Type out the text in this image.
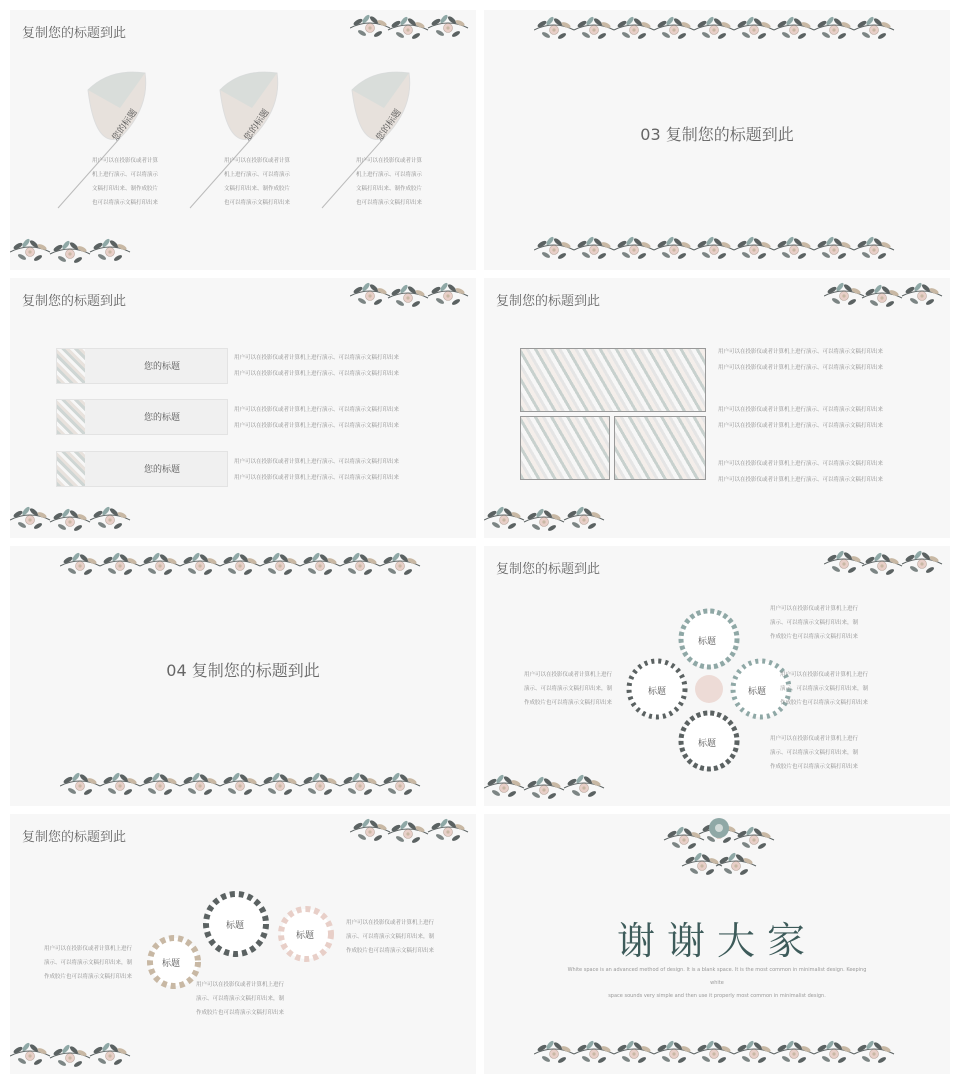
复制您的标题到此
您的标题	您的标题	您的标题
用户可以在投影仪或者计算
机上进行演示、可以将演示
文稿打印出来、制作成胶片
也可以将演示文稿打印出来
用户可以在投影仪或者计算
机上进行演示、可以将演示
文稿打印出来、制作成胶片
也可以将演示文稿打印出来
用户可以在投影仪或者计算
机上进行演示、可以将演示
文稿打印出来、制作成胶片
也可以将演示文稿打印出来
03 复制您的标题到此
复制您的标题到此
您的标题
您的标题
您的标题
用户可以在投影仪或者计算机上进行演示、可以将演示文稿打印出来
用户可以在投影仪或者计算机上进行演示、可以将演示文稿打印出来
用户可以在投影仪或者计算机上进行演示、可以将演示文稿打印出来
用户可以在投影仪或者计算机上进行演示、可以将演示文稿打印出来
用户可以在投影仪或者计算机上进行演示、可以将演示文稿打印出来
用户可以在投影仪或者计算机上进行演示、可以将演示文稿打印出来
复制您的标题到此
用户可以在投影仪或者计算机上进行演示、可以将演示文稿打印出来
用户可以在投影仪或者计算机上进行演示、可以将演示文稿打印出来
用户可以在投影仪或者计算机上进行演示、可以将演示文稿打印出来
用户可以在投影仪或者计算机上进行演示、可以将演示文稿打印出来
用户可以在投影仪或者计算机上进行演示、可以将演示文稿打印出来
用户可以在投影仪或者计算机上进行演示、可以将演示文稿打印出来
04 复制您的标题到此
复制您的标题到此
标题
标题	标题
标题
用户可以在投影仪或者计算机上进行
演示、可以将演示文稿打印出来，制
作成胶片也可以将演示文稿打印出来
用户可以在投影仪或者计算机上进行
演示、可以将演示文稿打印出来，制
作成胶片也可以将演示文稿打印出来
用户可以在投影仪或者计算机上进行
演示、可以将演示文稿打印出来，制
作成胶片也可以将演示文稿打印出来
用户可以在投影仪或者计算机上进行
演示、可以将演示文稿打印出来，制
作成胶片也可以将演示文稿打印出来
复制您的标题到此
标题
标题
标题
用户可以在投影仪或者计算机上进行
演示、可以将演示文稿打印出来，制
作成胶片也可以将演示文稿打印出来
用户可以在投影仪或者计算机上进行
演示、可以将演示文稿打印出来，制
作成胶片也可以将演示文稿打印出来
用户可以在投影仪或者计算机上进行
演示、可以将演示文稿打印出来，制
作成胶片也可以将演示文稿打印出来
谢谢大家
White space is an advanced method of design. It is a blank space. It is the most common in minimalist design. Keeping white
space sounds very simple and then use it properly most common in minimalist design.
